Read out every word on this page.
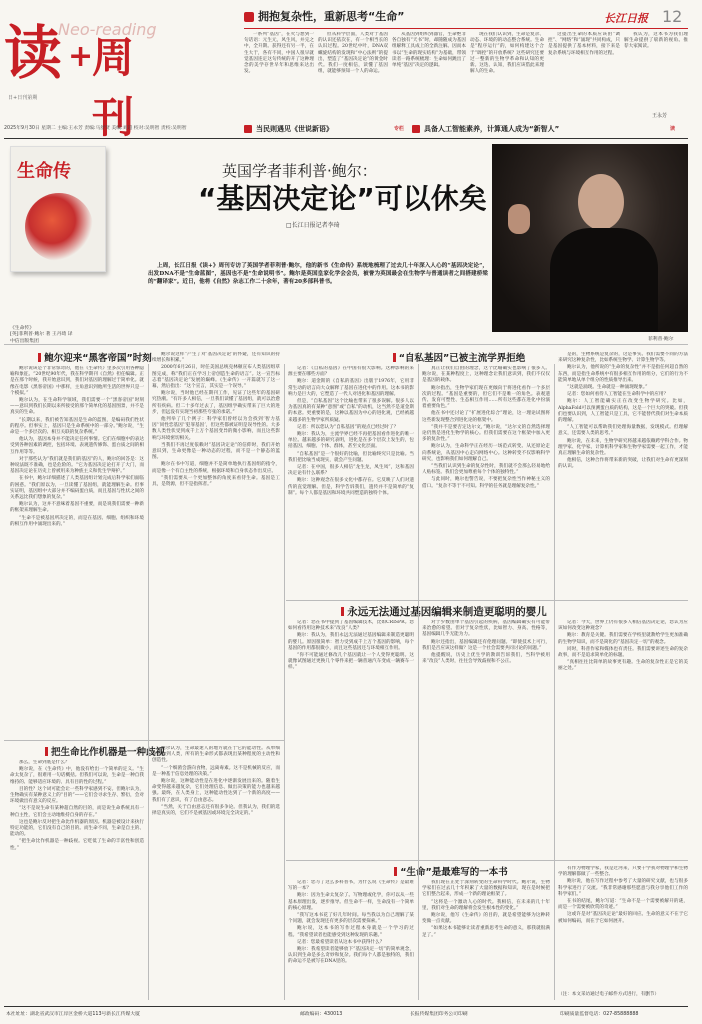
读 +
周刊
Neo-reading
日+日刊第期
拥抱复杂性，重新思考“生命”	长江日报 12

一系列“基因”，在火与想到一句话语：元生元，风生风，并完之中，全升期。获得还有另一半，在生大于，各有不同，中国人很早就觉基因连定这句传统的开了这种理念的美学存世早年和思维来达出发。

但从科学层面，人类对于基因的认识还依次在，有一个相当长的认识过程。20世纪中叶，DNA双螺旋结构的发现和“中心法则”的提出，塑造了“基因决定论”的黄金时代。我们一度相信，读懂了基因组，就能够预知一个人的命运。

从基因到组织到器官，生命绝非各自独有“天书”时，却随随成为基因组解释工具成上的全新注解。因而本书以“生命的现实结构”为基础，带领读者一路系统梳理：生命如何跳出了单纯“基因”决定的逻辑。

现在我们认识到，生命是复杂、动态、环境的的动态整合系统。生命是“程序运行”的，如何构建这个合于“调控”的开放系统？这些研究还要过一整新的生物学革命和认知的更新。这迭、认知，我们应该借此来理解人的生命。

这提出生命的本质应该由“调控”、“网络”和“涌现”共同构成，只是基因提供了基本材料，接下来是复杂系统与环境相互作用的过程。

我认为，这本书为我们理解生命提供了崭新的视角。推荐大家阅读。

王永芳
2025年9月30日 星期二 主编:王永芳 责编:马舒贤 美编:刘超 校对:吴明智 责校:吴明智	当民则遇见《世说新语》	专栏	具备人工智能素养，计算通人成为“新智人”	读
生命传
《生命传》
[英]菲利普·鲍尔 著 王丹琦 译
中信出版集团
英国学者菲利普·鲍尔：
“基因决定论”可以休矣
□长江日报记者李琦

上周，长江日报《读+》周刊专访了英国学者菲利普·鲍尔，他的新书《生命传》系统地梳理了过去几十年深入人心的“基因决定论”，出发DNA不是“生命蓝图”，基因也不是“生命说明书”。鲍尔是英国皇家化学会会员，被誉为英国最会在生物学与普通读者之间搭建桥梁的“翻译家”。近日，他将《自然》杂志工作二十余年，著有20多部科普书。

菲利普·鲍尔
鲍尔迎来“黑客帝国”时刻	“自私基因”已被主流学界拒绝
永远无法通过基因编辑来制造更聪明的婴儿
把生命比作机器是一种歧视
“生命”是最难写的一本书

鲍尔说该是个非常惊奇的，他在《生命传》里多次引用各种隐喻和象征。“20世纪90年代，我在科学期刊《自然》担任编辑。正是在那个时候，我开始意识到，我们对基因的理解过于简单化。就像在电影《黑客帝国》中那样，主角意识到他所生活的世界只是一个模拟。”

鲍尔认为，在生命科学领域，我们需要一个“黑客帝国”时刻——意识到我们长期以来所接受的那个简单化的基因图景，并不是真实的生命。

“长期以来，我们被告知基因是生命的蓝图，是编码我们性状的程序。但事实上，基因只是生命系统中的一部分。”鲍尔说，“生命是一个多层次的、相互关联的复杂系统。”

他认为，基因本身并不能决定任何事情。它们在细胞中的表达受到各种因素的调控，包括环境、表观遗传修饰、蛋白质之间的相互作用等等。

对于那些认为“我们就是我们的基因”的人，鲍尔的回答是：这种说法既不准确，也是危险的。“它为基因决定论打开了大门，而基因决定论在历史上曾被用来为种族主义和优生学辩护。”

在书中，鲍尔详细描述了人类基因组计划完成后科学家们面临的困惑。“我们原以为，一旦读懂了基因组，就能理解生命。但事实证明，基因组中大部分并不编码蛋白质，而且基因与性状之间的关系远比我们想象的复杂。”

鲍尔认为，这并不意味着基因不重要，而是说我们需要一种新的框架来理解生命。

“生命不是被基因所决定的，而是在基因、细胞、组织和环境的相互作用中涌现出来的。”

鲍尔说这样“产生了对‘基因决定论’的怀疑，还有知识的持续增长和积累。”

2000年6月26日，时任美国总统克林顿宣布人类基因组草图完成，称“我们正在学习上帝创造生命的语言”。这一宣告标志着“基因决定论”发展的巅峰。《生命传》一开篇就写了这一幕，然后指出：“这个宣言，其实是一个误导。”

鲍尔说，当时他已经在期刊工作，见证了这些年的基因研究热潮。“有许多人相信，一旦我们读懂了基因组，就可以治愈所有疾病。但二十多年过去了，基因组学确实带来了巨大的进步，但远没有实现当初那些夸张的承诺。”

他列举了几个例子：科学家们曾经以为会找到‘智力基因’‘同性恋基因’‘犯罪基因’，但这些都被证明是误导性的。大多数人类性状受到成千上万个基因变异的微小影响，而且这些影响与环境密切相关。

当我们不再过度依赖对“基因决定论”的信仰时，我们开始意识到，生命更像是一种动态的过程，而不是一个静态的蓝图。

鲍尔在书中写道，细胞并不是简单地执行基因组的指令，而是像一个有自主性的系统，根据环境和自身状态作出反应。

“我们需要从一个更加整体的角度来看待生命。基因是工具，是资源，但不是指挥者。”

记者：《自私的基因》在中国有很大影响。这种影响的来源主要在哪些方面？

鲍尔：道金斯的《自私的基因》出版于1976年，它用非常生动的语言向大众解释了基因在进化中的作用。这本书的影响力是巨大的，它塑造了一代人对进化和基因的理解。

但是，“自私基因”这个比喻也带来了很多误解。很多人以为基因真的有某种“意图”或“自私”的动机，这当然不是道金斯的本意。更重要的是，这种以基因为中心的进化观，已经被越来越多的生物学家所质疑。

记者：所以您认为“自私基因”的观点已经过时了？

鲍尔：我认为，主流学界已经不再把基因看作进化的唯一单位。越来越多的研究表明，进化是在多个层次上发生的，包括基因、细胞、个体、群体，甚至文化层面。

“自私基因”是一个很好的比喻，但比喻终究只是比喻。当我们把比喻当成现实，就会产生问题。

记者：在中国，很多人相信“龙生龙，凤生凤”，这和基因决定论有什么联系？

鲍尔：这种观念在很多文化中都存在。它反映了人们对遗传的直觉理解。但是，科学告诉我们，遗传并不是简单的“复制”。每个人都是基因和环境共同塑造的独特个体。

真正让我们自由的理念，这个比喻确实也影响了很多人。鲍尔说，在某种程度上，这种理念让我们意识到，我们不仅仅是基因的载体。

鲍尔指出，生物学家们现在更倾向于将进化看作一个多层次的过程。“基因是重要的，但它们不是唯一的角色。表观遗传、发育可塑性、生态相互作用……所有这些都在进化中扮演着重要角色。”

他在书中还讨论了“扩展进化综合”理论，这一理论试图将这些新发现整合到进化论的框架中。

“我并不是要否定达尔文，”鲍尔说，“达尔文的自然选择理论仍然是进化生物学的核心。但我们需要在这个框架中加入更多的复杂性。”

鲍尔认为，生命科学正在经历一场范式转变。从还原论走向系统论，从基因中心走向网络中心。这种转变不仅影响科学研究，也影响我们如何理解自己。

“当我们认识到生命的复杂性时，我们就不会那么轻易地给人贴标签。我们会更加尊重每个个体的独特性。”

与此同时，鲍尔也警告说，不要把复杂性当作神秘主义的借口。“复杂不等于不可知。科学的任务就是理解复杂性。”

是的，生物系统是复杂的，这是事实。我们需要不同的方法来研究这种复杂性，比如系统生物学、计算生物学等。

鲍尔认为，他所说的“生命的复杂性”并不是指任何超自然的东西，而是指生命系统中有很多相互作用的组分，它们的行为不能简单地从单个组分的性质推导出来。

“这就是涌现。生命就是一种涌现现象。”

记者：您如何看待人工智能在生命科学中的应用？

鲍尔：人工智能确实正在改变生物学研究。比如，AlphaFold可以预测蛋白质的结构，这是一个巨大的突破。但我们也要认识到，人工智能只是工具，它不能替代我们对生命本质的理解。

“人工智能可以帮助我们处理海量数据，发现模式。但理解意义，还需要人类的思考。”

鲍尔说，在未来，生物学研究将越来越依赖跨学科合作。物理学家、化学家、计算机科学家和生物学家需要一起工作，才能真正理解生命的复杂性。

他相信，这种合作将带来新的突破，让我们对生命有更深刻的认识。

记者：您在书中提到了基因编辑技术，比如CRISPR。您如何看待用这种技术来“改良”人类？

鲍尔：我认为，我们永远无法通过基因编辑来制造更聪明的婴儿。原因很简单：智力受到成千上万个基因的影响，每个基因的作用都很微小，而且这些基因还与环境相互作用。

“你不可能通过修改几个基因就让一个人变得更聪明。这就像试图通过更换几个零件来把一辆普通汽车变成一辆赛车一样。”

对于少数由单个基因引起的疾病，基因编辑确实有可能带来治愈的希望。但对于复杂性状，比如智力、身高、性格等，基因编辑几乎无能为力。

鲍尔还指出，基因编辑还有伦理问题。“即使技术上可行，我们是否应该这样做？这是一个社会需要共同讨论的问题。”

他提醒说，历史上优生学的教训告诉我们，当科学被用来“改良”人类时，往往会导致歧视和不公正。

记者：今天，世界上仍有很多人相信基因决定论，您认为应该如何改变这种观念？

鲍尔：教育是关键。我们需要在学校里就教给学生更加准确的生物学知识，而不是简化的“基因决定一切”的观念。

同时，科普作家和媒体也有责任。我们需要讲述生命的复杂故事，而不是追求简单化的标题。

“真相往往比简单的故事更有趣。生命的复杂性正是它的美丽之处。”

那么，生命到底是什么？

鲍尔说，在《生命传》中，他没有给出一个简单的定义。“生命太复杂了，很难用一句话概括。但我们可以说，生命是一种自我维持的、能够适应环境的、具有目的性的过程。”

目的性？这个词可能会让一些科学家感到不安。但鲍尔认为，生物确实有某种意义上的“目的”——它们会寻求生存、繁衍，会对环境做出有意义的反应。

“这不是说生命有某种超自然的目的，而是说生命系统具有一种自主性，它们会主动地维持自身的存在。”

这也是鲍尔反对把生命比作机器的原因。机器是被设计来执行特定功能的，它们没有自己的目的。而生命不同，生命是自主的、能动的。

“把生命比作机器是一种歧视。它贬低了生命的丰富性和创造性。”

鲍尔认为，生命最迷人的地方就在于它的能动性。从单细胞生物到人类，所有的生命形式都表现出某种程度的主动性和创造性。

“一个细菌会游向食物，远离毒素。这不是机械的反应，而是一种基于信息处理的决策。”

鲍尔说，这种能动性是在进化中逐渐发展出来的。随着生命变得越来越复杂，它们处理信息、做出决策的能力也越来越强。最终，在人类身上，这种能动性达到了一个新的高度——我们有了意识，有了自由意志。

“当然，关于自由意志还有很多争论。但我认为，我们的选择是真实的，它们不是被基因或环境完全决定的。”

记者：您写了这么多科普书，为什么说《生命传》是最难写的一本？

鲍尔：因为生命太复杂了。写物理或化学，你可以从一些基本原理出发，逐步推导。但生命不一样，生命没有一个简单的核心原理。

“我写这本书花了好几年时间。每当我以为自己理解了某个问题，就会发现还有更多的层次需要探索。”

鲍尔说，这本书的写作过程本身就是一个学习的过程。“我希望读者也能感受到这种发现的乐趣。”

记者：您最希望读者从这本书中获得什么？

鲍尔：我希望读者能够放下“基因决定一切”的简单观念，认识到生命是多么奇妙和复杂。我们每个人都是独特的，我们的命运不是被写在DNA里的。

我们现在正处于深刻转变的生命科学时代。鲍尔说，生物学家们在过去几十年积累了大量的数据和知识，现在是时候把它们整合起来，形成一个新的理论框架了。

“这将是一个激动人心的时代。我相信，在未来的几十年里，我们对生命的理解将会发生根本性的变化。”

鲍尔说，他写《生命传》的目的，就是希望能够为这种转变做一点贡献。

“如果这本书能够让读者重新思考生命的意义，那我就很满足了。”

有作为物理学家，我是过河来，只要干学我对物理学和生物学的理解都做了一些整合。

鲍尔说，他在写作过程中参考了大量的研究文献，也与很多科学家进行了交流。“我非常感谢那些愿意与我分享他们工作的科学家们。”

在书的结尾，鲍尔写道：“生命不是一个需要被解开的谜，而是一个需要被欣赏的奇迹。”

这或许是对“基因决定论”最好的回应。生命的意义不在于它被如何编码，而在于它如何展开。

（注：本文采访通过电子邮件方式进行，有删节）
本社址址：湖北省武汉市江岸区金桥大道113号新长江传媒大厦	邮政编码：430013	长报传媒集团印务公司印刷	印刷质量监督电话：027-85888888
